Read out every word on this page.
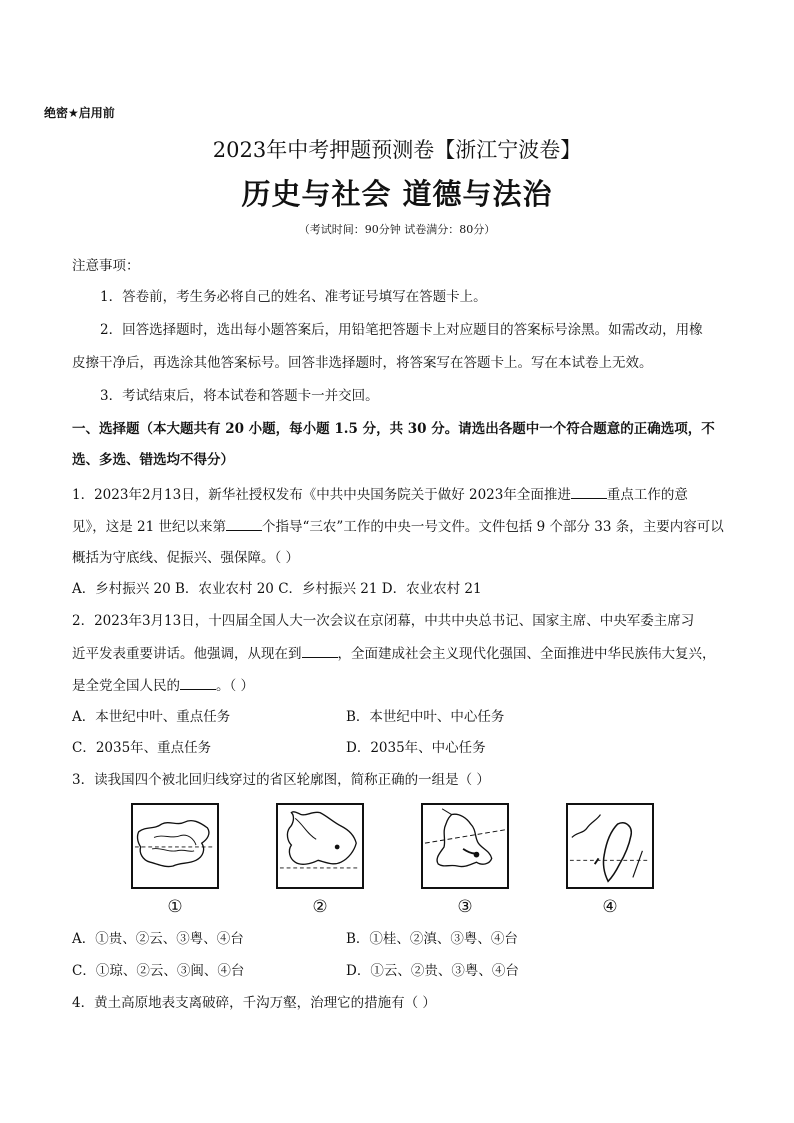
绝密★启用前
2023年中考押题预测卷【浙江宁波卷】
历史与社会 道德与法治
（考试时间：90分钟 试卷满分：80分）
注意事项：
1．答卷前，考生务必将自己的姓名、准考证号填写在答题卡上。
2．回答选择题时，选出每小题答案后，用铅笔把答题卡上对应题目的答案标号涂黑。如需改动，用橡
皮擦干净后，再选涂其他答案标号。回答非选择题时，将答案写在答题卡上。写在本试卷上无效。
3．考试结束后，将本试卷和答题卡一并交回。
一、选择题（本大题共有 20 小题，每小题 1.5 分，共 30 分。请选出各题中一个符合题意的正确选项，不
选、多选、错选均不得分）
1．2023年2月13日，新华社授权发布《中共中央国务院关于做好 2023年全面推进	重点工作的意
见》，这是 21 世纪以来第	个指导“三农”工作的中央一号文件。文件包括 9 个部分 33 条，主要内容可以
概括为守底线、促振兴、强保障。（ ）
A．乡村振兴 20 B．农业农村 20 C．乡村振兴 21 D．农业农村 21
2．2023年3月13日，十四届全国人大一次会议在京闭幕，中共中央总书记、国家主席、中央军委主席习
近平发表重要讲话。他强调，从现在到	，全面建成社会主义现代化强国、全面推进中华民族伟大复兴，
是全党全国人民的	。（ ）
A．本世纪中叶、重点任务	B．本世纪中叶、中心任务
C．2035年、重点任务	D．2035年、中心任务
3．读我国四个被北回归线穿过的省区轮廓图，简称正确的一组是（ ）
①	②	③	④
A．①贵、②云、③粤、④台	B．①桂、②滇、③粤、④台
C．①琼、②云、③闽、④台	D．①云、②贵、③粤、④台
4．黄土高原地表支离破碎，千沟万壑，治理它的措施有（ ）
